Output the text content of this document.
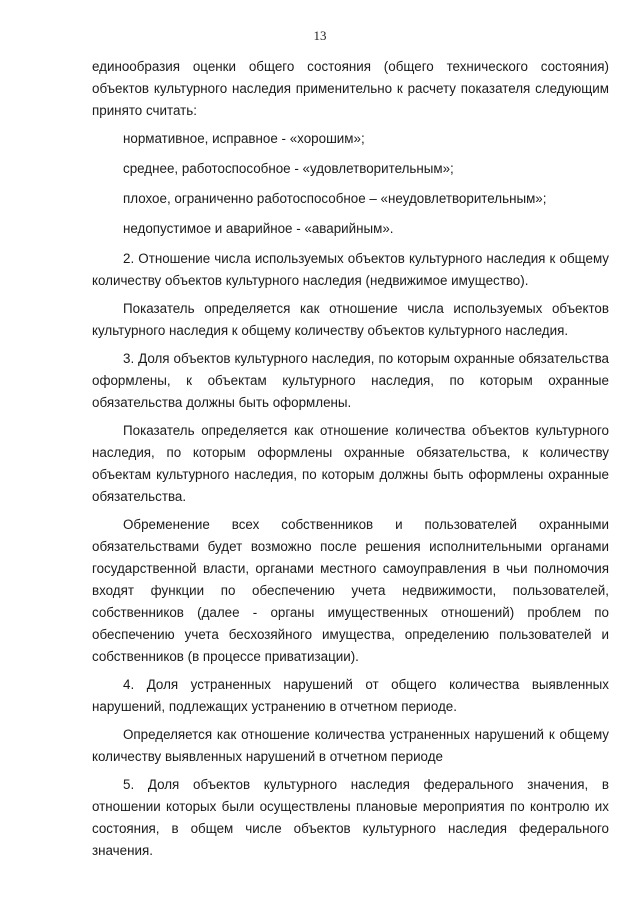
13

единообразия оценки общего состояния (общего технического состояния) объектов культурного наследия применительно к расчету показателя следующим принято считать:

нормативное, исправное - «хорошим»;
среднее, работоспособное - «удовлетворительным»;
плохое, ограниченно работоспособное – «неудовлетворительным»;
недопустимое и аварийное - «аварийным».

2. Отношение числа используемых объектов культурного наследия к общему количеству объектов культурного наследия (недвижимое имущество).

Показатель определяется как отношение числа используемых объектов культурного наследия к общему количеству объектов культурного наследия.

3. Доля объектов культурного наследия, по которым охранные обязательства оформлены, к объектам культурного наследия, по которым охранные обязательства должны быть оформлены.

Показатель определяется как отношение количества объектов культурного наследия, по которым оформлены охранные обязательства, к количеству объектам культурного наследия, по которым должны быть оформлены охранные обязательства.

Обременение всех собственников и пользователей охранными обязательствами будет возможно после решения исполнительными органами государственной власти, органами местного самоуправления в чьи полномочия входят функции по обеспечению учета недвижимости, пользователей, собственников (далее - органы имущественных отношений) проблем по обеспечению учета бесхозяйного имущества, определению пользователей и собственников (в процессе приватизации).

4. Доля устраненных нарушений от общего количества выявленных нарушений, подлежащих устранению в отчетном периоде.

Определяется как отношение количества устраненных нарушений к общему количеству выявленных нарушений в отчетном периоде

5. Доля объектов культурного наследия федерального значения, в отношении которых были осуществлены плановые мероприятия по контролю их состояния, в общем числе объектов культурного наследия федерального значения.
